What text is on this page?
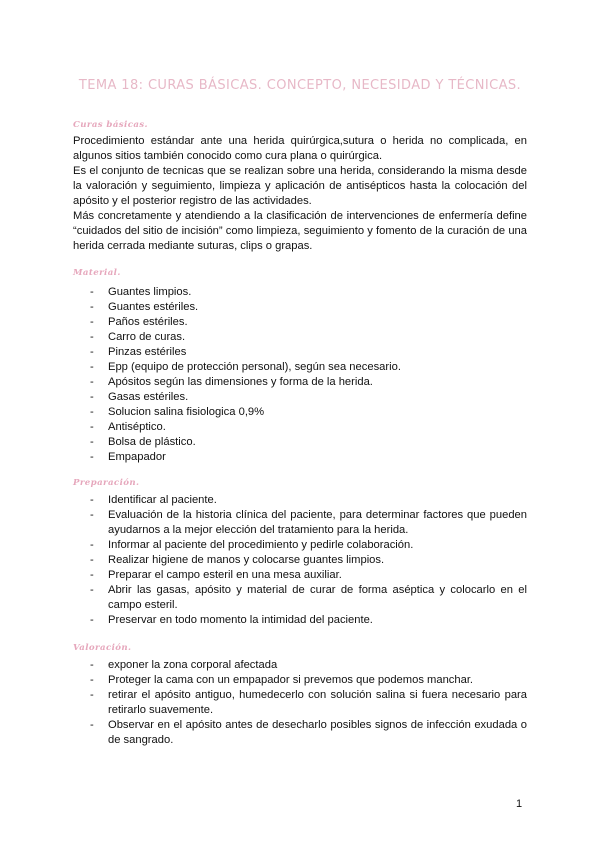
TEMA 18: CURAS BÁSICAS. CONCEPTO, NECESIDAD Y TÉCNICAS.
Curas básicas.

Procedimiento estándar ante una herida quirúrgica,sutura o herida no complicada, en algunos sitios también conocido como cura plana o quirúrgica.

Es el conjunto de tecnicas que se realizan sobre una herida, considerando la misma desde la valoración y seguimiento, limpieza y aplicación de antisépticos hasta la colocación del apósito y el posterior registro de las actividades.

Más concretamente y atendiendo a la clasificación de intervenciones de enfermería define “cuidados del sitio de incisión” como limpieza, seguimiento y fomento de la curación de una herida cerrada mediante suturas, clips o grapas.

Material.
- Guantes limpios.
- Guantes estériles.
- Paños estériles.
- Carro de curas.
- Pinzas estériles
- Epp (equipo de protección personal), según sea necesario.
- Apósitos según las dimensiones y forma de la herida.
- Gasas estériles.
- Solucion salina fisiologica 0,9%
- Antiséptico.
- Bolsa de plástico.
- Empapador
Preparación.
- Identificar al paciente.
- Evaluación de la historia clínica del paciente, para determinar factores que pueden ayudarnos a la mejor elección del tratamiento para la herida.
- Informar al paciente del procedimiento y pedirle colaboración.
- Realizar higiene de manos y colocarse guantes limpios.
- Preparar el campo esteril en una mesa auxiliar.
- Abrir las gasas, apósito y material de curar de forma aséptica y colocarlo en el campo esteril.
- Preservar en todo momento la intimidad del paciente.
Valoración.
- exponer la zona corporal afectada
- Proteger la cama con un empapador si prevemos que podemos manchar.
- retirar el apósito antiguo, humedecerlo con solución salina si fuera necesario para retirarlo suavemente.
- Observar en el apósito antes de desecharlo posibles signos de infección exudada o de sangrado.
1
